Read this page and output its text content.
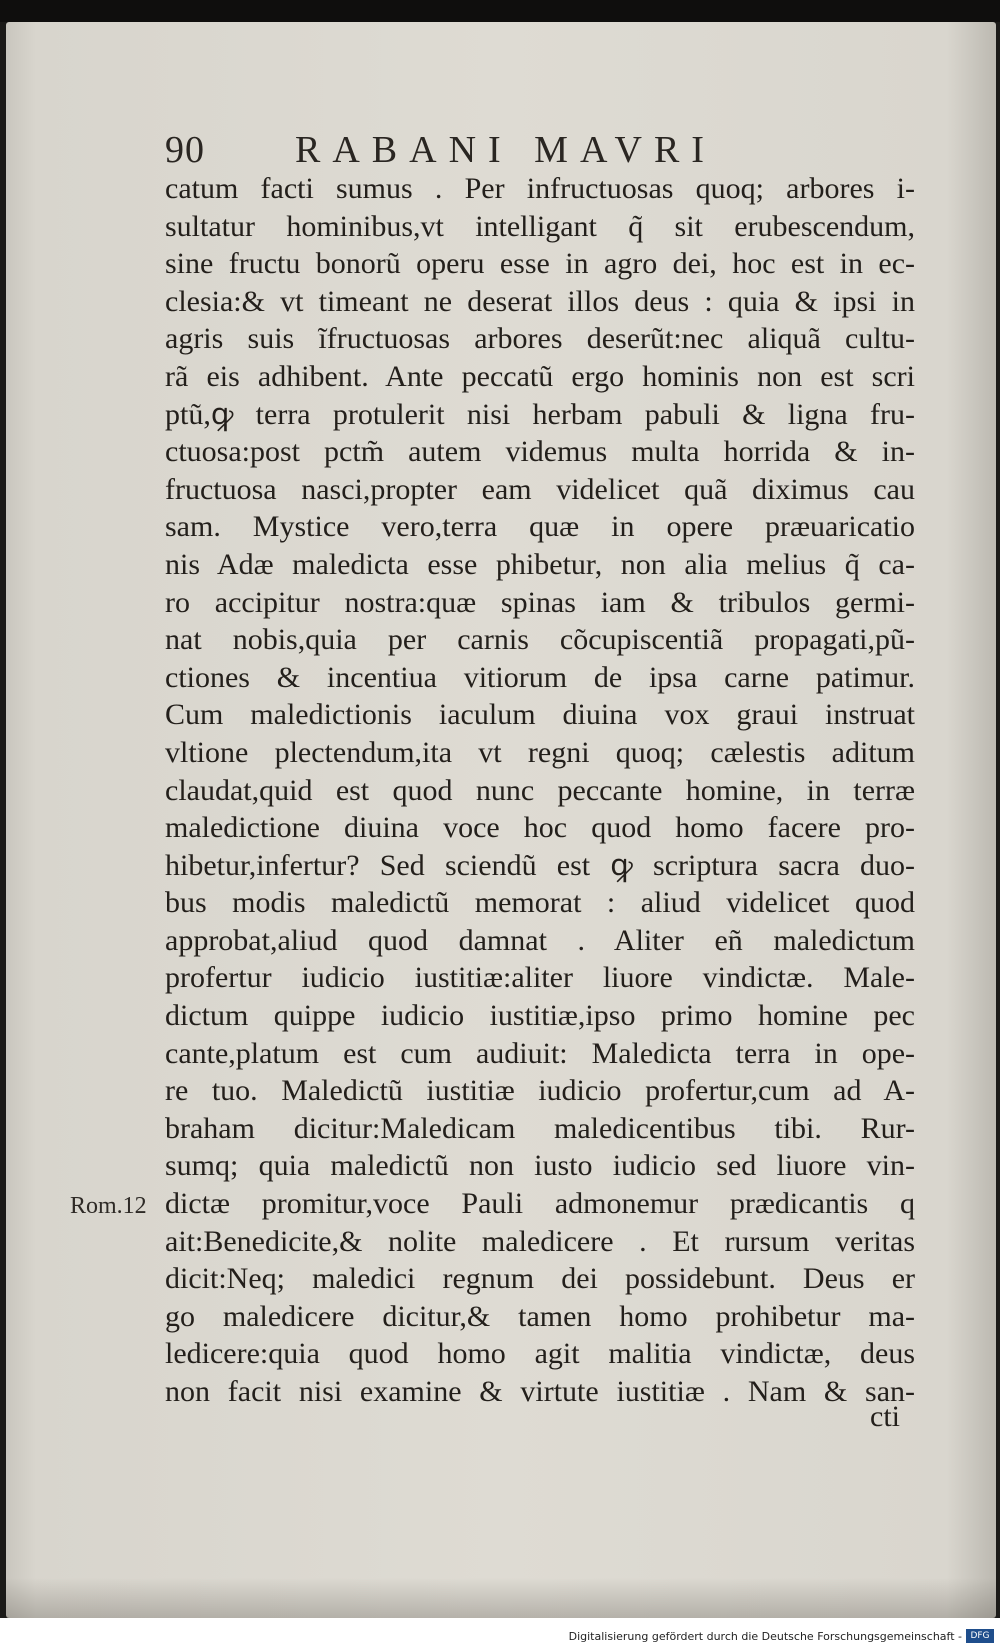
90 RABANI MAVRI
Rom.12
catum facti sumus . Per infructuosas quoq; arbores i-
sultatur hominibus,vt intelligant q̃ sit erubescendum,
sine fructu bonorũ operu esse in agro dei, hoc est in ec-
clesia:& vt timeant ne deserat illos deus : quia & ipsi in
agris suis ĩfructuosas arbores deserũt:nec aliquã cultu-
rã eis adhibent. Ante peccatũ ergo hominis non est scri
ptũ,ꝙ terra protulerit nisi herbam pabuli & ligna fru-
ctuosa:post pctm̃ autem videmus multa horrida & in-
fructuosa nasci,propter eam videlicet quã diximus cau
sam. Mystice vero,terra quæ in opere præuaricatio
nis Adæ maledicta esse phibetur, non alia melius q̃ ca-
ro accipitur nostra:quæ spinas iam & tribulos germi-
nat nobis,quia per carnis cõcupiscentiã propagati,pũ-
ctiones & incentiua vitiorum de ipsa carne patimur.
Cum maledictionis iaculum diuina vox graui instruat
vltione plectendum,ita vt regni quoq; cælestis aditum
claudat,quid est quod nunc peccante homine, in terræ
maledictione diuina voce hoc quod homo facere pro-
hibetur,infertur? Sed sciendũ est ꝙ scriptura sacra duo-
bus modis maledictũ memorat : aliud videlicet quod
approbat,aliud quod damnat . Aliter eñ maledictum
profertur iudicio iustitiæ:aliter liuore vindictæ. Male-
dictum quippe iudicio iustitiæ,ipso primo homine pec
cante,platum est cum audiuit: Maledicta terra in ope-
re tuo. Maledictũ iustitiæ iudicio profertur,cum ad A-
braham dicitur:Maledicam maledicentibus tibi. Rur-
sumq; quia maledictũ non iusto iudicio sed liuore vin-
dictæ promitur,voce Pauli admonemur prædicantis q
ait:Benedicite,& nolite maledicere . Et rursum veritas
dicit:Neq; maledici regnum dei possidebunt. Deus er
go maledicere dicitur,& tamen homo prohibetur ma-
ledicere:quia quod homo agit malitia vindictæ, deus
non facit nisi examine & virtute iustitiæ . Nam & san-
cti
Digitalisierung gefördert durch die Deutsche Forschungsgemeinschaft - DFG
